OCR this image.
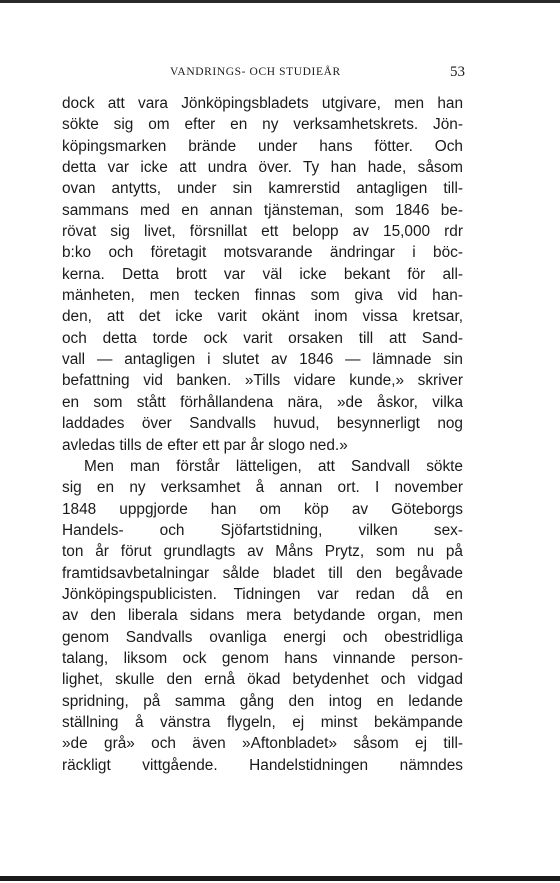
VANDRINGS- OCH STUDIEÅR	53
dock att vara Jönköpingsbladets utgivare, men han
sökte sig om efter en ny verksamhetskrets. Jön-
köpingsmarken brände under hans fötter. Och
detta var icke att undra över. Ty han hade, såsom
ovan antytts, under sin kamrerstid antagligen till-
sammans med en annan tjänsteman, som 1846 be-
rövat sig livet, försnillat ett belopp av 15,000 rdr
b:ko och företagit motsvarande ändringar i böc-
kerna. Detta brott var väl icke bekant för all-
mänheten, men tecken finnas som giva vid han-
den, att det icke varit okänt inom vissa kretsar,
och detta torde ock varit orsaken till att Sand-
vall — antagligen i slutet av 1846 — lämnade sin
befattning vid banken. »Tills vidare kunde,» skriver
en som stått förhållandena nära, »de åskor, vilka
laddades över Sandvalls huvud, besynnerligt nog
avledas tills de efter ett par år slogo ned.»
Men man förstår lätteligen, att Sandvall sökte
sig en ny verksamhet å annan ort. I november
1848 uppgjorde han om köp av Göteborgs
Handels- och Sjöfartstidning, vilken sex-
ton år förut grundlagts av Måns Prytz, som nu på
framtidsavbetalningar sålde bladet till den begåvade
Jönköpingspublicisten. Tidningen var redan då en
av den liberala sidans mera betydande organ, men
genom Sandvalls ovanliga energi och obestridliga
talang, liksom ock genom hans vinnande person-
lighet, skulle den ernå ökad betydenhet och vidgad
spridning, på samma gång den intog en ledande
ställning å vänstra flygeln, ej minst bekämpande
»de grå» och även »Aftonbladet» såsom ej till-
räckligt vittgående. Handelstidningen nämndes
